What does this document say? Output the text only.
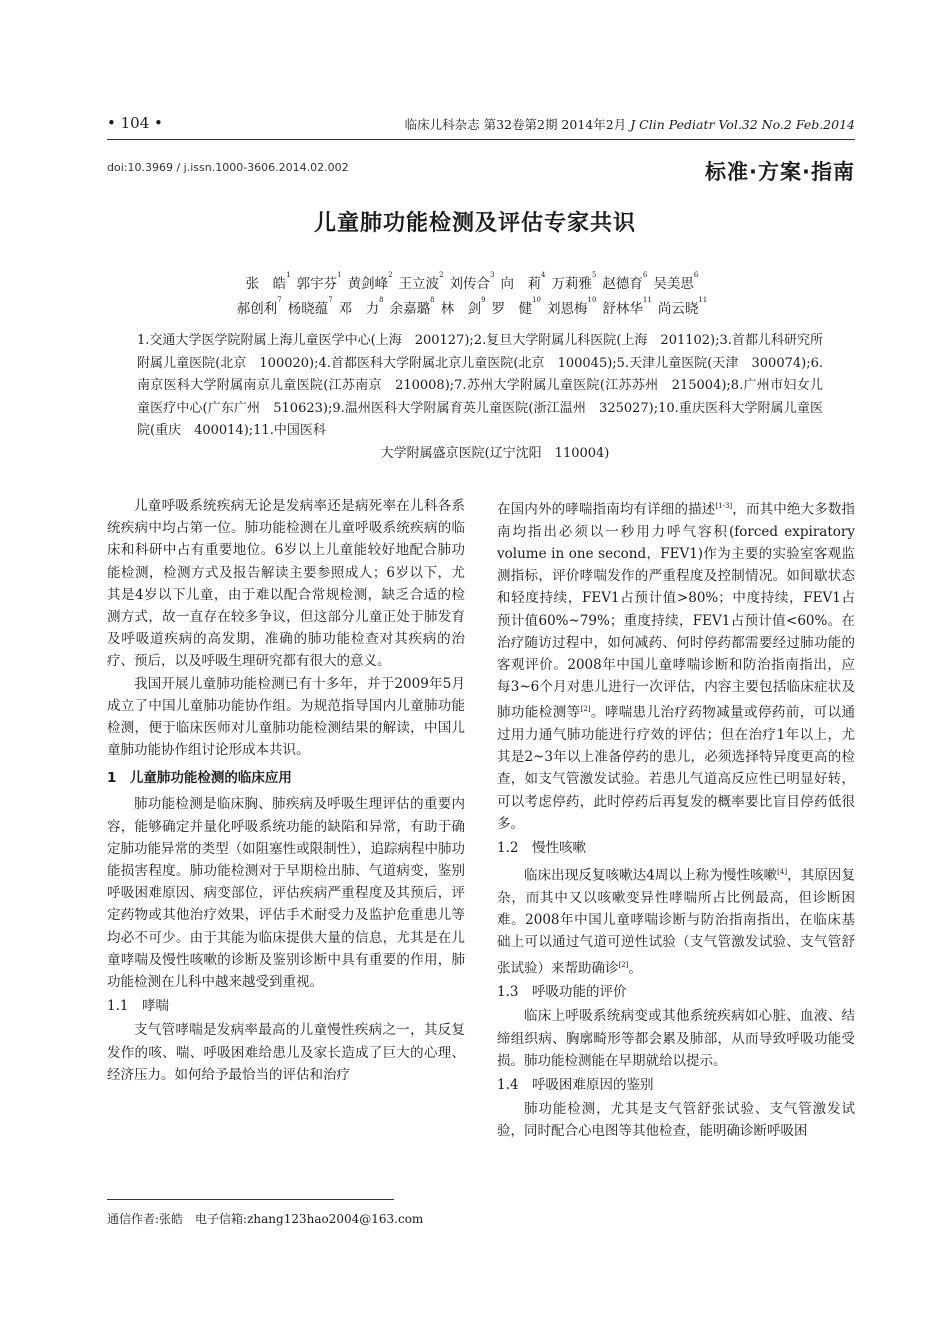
• 104 •	临床儿科杂志 第32卷第2期 2014年2月 J Clin Pediatr Vol.32 No.2 Feb.2014
doi:10.3969 / j.issn.1000-3606.2014.02.002	标准·方案·指南
儿童肺功能检测及评估专家共识
张　皓$^1$郭宇芬$^1$黄剑峰$^2$王立波$^2$刘传合$^3$向　莉$^4$万莉雅$^5$赵德育$^6$吴美思$^6$
郝创利$^7$杨晓蕴$^7$邓　力$^8$余嘉璐$^8$林　剑$^9$罗　健$^{10}$刘恩梅$^{10}$舒林华$^{11}$尚云晓$^{11}$
1.交通大学医学院附属上海儿童医学中心(上海　200127);2.复旦大学附属儿科医院(上海　201102);3.首都儿科研究所附属儿童医院(北京　100020);4.首都医科大学附属北京儿童医院(北京　100045);5.天津儿童医院(天津　300074);6.南京医科大学附属南京儿童医院(江苏南京　210008);7.苏州大学附属儿童医院(江苏苏州　215004);8.广州市妇女儿童医疗中心(广东广州　510623);9.温州医科大学附属育英儿童医院(浙江温州　325027);10.重庆医科大学附属儿童医院(重庆　400014);11.中国医科
大学附属盛京医院(辽宁沈阳　110004)

儿童呼吸系统疾病无论是发病率还是病死率在儿科各系统疾病中均占第一位。肺功能检测在儿童呼吸系统疾病的临床和科研中占有重要地位。6岁以上儿童能较好地配合肺功能检测，检测方式及报告解读主要参照成人；6岁以下，尤其是4岁以下儿童，由于难以配合常规检测，缺乏合适的检测方式，故一直存在较多争议，但这部分儿童正处于肺发育及呼吸道疾病的高发期，准确的肺功能检查对其疾病的治疗、预后，以及呼吸生理研究都有很大的意义。

我国开展儿童肺功能检测已有十多年，并于2009年5月成立了中国儿童肺功能协作组。为规范指导国内儿童肺功能检测，便于临床医师对儿童肺功能检测结果的解读，中国儿童肺功能协作组讨论形成本共识。

1　儿童肺功能检测的临床应用

肺功能检测是临床胸、肺疾病及呼吸生理评估的重要内容，能够确定并量化呼吸系统功能的缺陷和异常，有助于确定肺功能异常的类型（如阻塞性或限制性），追踪病程中肺功能损害程度。肺功能检测对于早期检出肺、气道病变，鉴别呼吸困难原因、病变部位，评估疾病严重程度及其预后，评定药物或其他治疗效果，评估手术耐受力及监护危重患儿等均必不可少。由于其能为临床提供大量的信息，尤其是在儿童哮喘及慢性咳嗽的诊断及鉴别诊断中具有重要的作用，肺功能检测在儿科中越来越受到重视。

1.1　哮喘

支气管哮喘是发病率最高的儿童慢性疾病之一，其反复发作的咳、喘、呼吸困难给患儿及家长造成了巨大的心理、经济压力。如何给予最恰当的评估和治疗

在国内外的哮喘指南均有详细的描述[1-3]，而其中绝大多数指南均指出必须以一秒用力呼气容积(forced expiratory volume in one second，FEV1)作为主要的实验室客观监测指标，评价哮喘发作的严重程度及控制情况。如间歇状态和轻度持续，FEV1占预计值>80%；中度持续，FEV1占预计值60%~79%；重度持续，FEV1占预计值<60%。在治疗随访过程中，如何减药、何时停药都需要经过肺功能的客观评价。2008年中国儿童哮喘诊断和防治指南指出，应每3~6个月对患儿进行一次评估，内容主要包括临床症状及肺功能检测等[2]。哮喘患儿治疗药物减量或停药前，可以通过用力通气肺功能进行疗效的评估；但在治疗1年以上，尤其是2~3年以上准备停药的患儿，必须选择特异度更高的检查，如支气管激发试验。若患儿气道高反应性已明显好转，可以考虑停药，此时停药后再复发的概率要比盲目停药低很多。

1.2　慢性咳嗽

临床出现反复咳嗽达4周以上称为慢性咳嗽[4]，其原因复杂，而其中又以咳嗽变异性哮喘所占比例最高，但诊断困难。2008年中国儿童哮喘诊断与防治指南指出，在临床基础上可以通过气道可逆性试验（支气管激发试验、支气管舒张试验）来帮助确诊[2]。

1.3　呼吸功能的评价

临床上呼吸系统病变或其他系统疾病如心脏、血液、结缔组织病、胸廓畸形等都会累及肺部，从而导致呼吸功能受损。肺功能检测能在早期就给以提示。

1.4　呼吸困难原因的鉴别

肺功能检测，尤其是支气管舒张试验、支气管激发试验，同时配合心电图等其他检查，能明确诊断呼吸困

通信作者:张皓　电子信箱:zhang123hao2004@163.com
